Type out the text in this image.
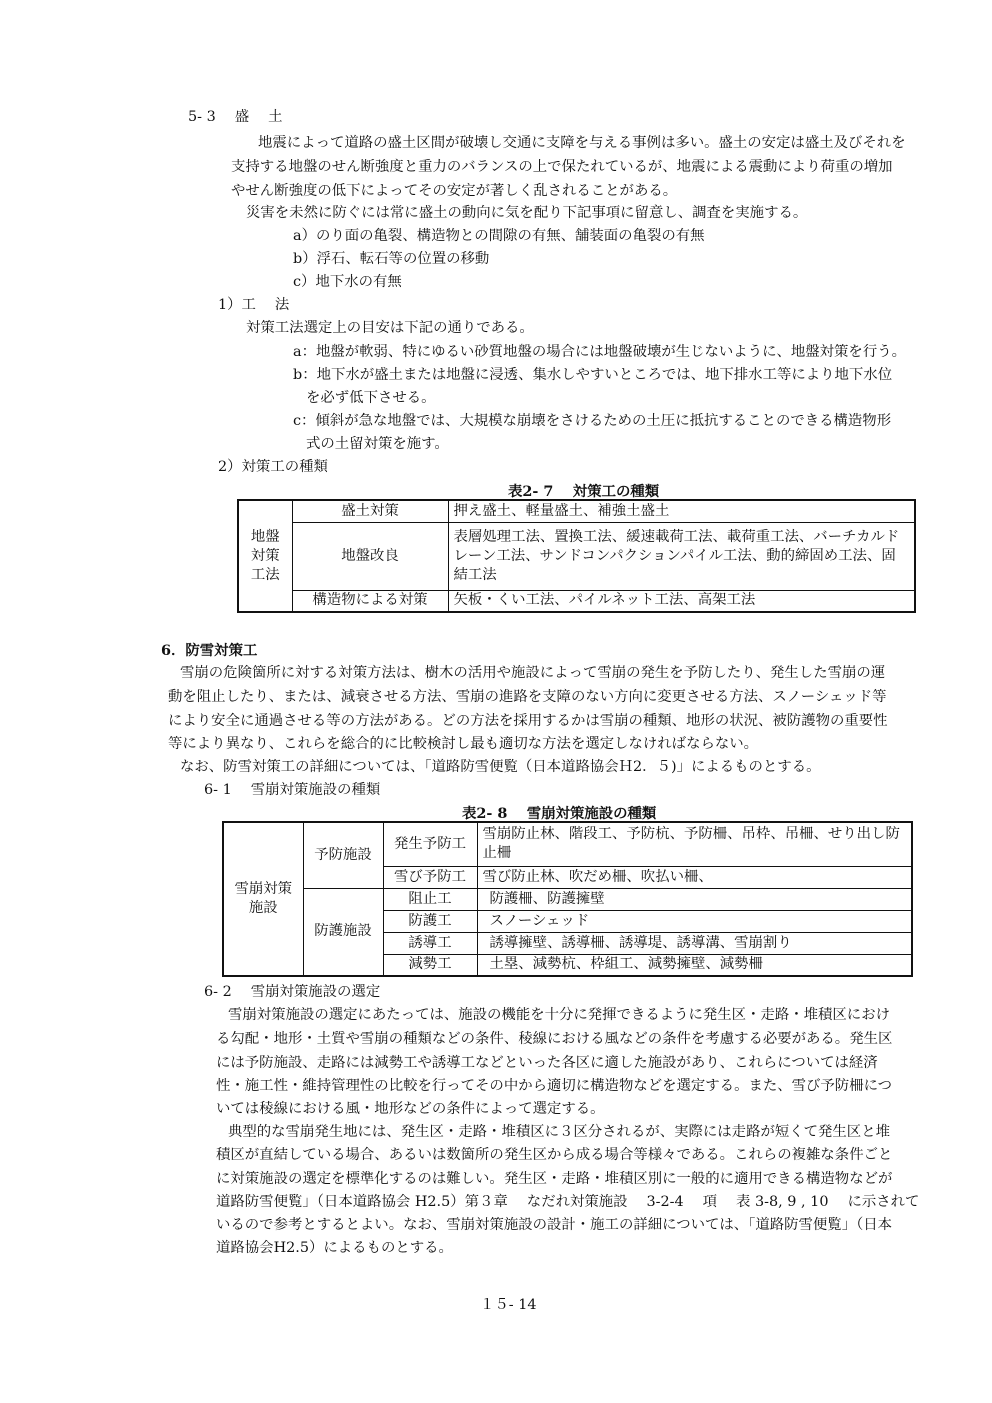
5- 3　 盛　 土
地震によって道路の盛土区間が破壊し交通に支障を与える事例は多い。盛土の安定は盛土及びそれを
支持する地盤のせん断強度と重力のバランスの上で保たれているが、地震による震動により荷重の増加
やせん断強度の低下によってその安定が著しく乱されることがある。
災害を未然に防ぐには常に盛土の動向に気を配り下記事項に留意し、調査を実施する。
a）のり面の亀裂、構造物との間隙の有無、舗装面の亀裂の有無
b）浮石、転石等の位置の移動
c）地下水の有無
1）工　 法
対策工法選定上の目安は下記の通りである。
a：地盤が軟弱、特にゆるい砂質地盤の場合には地盤破壊が生じないように、地盤対策を行う。
b：地下水が盛土または地盤に浸透、集水しやすいところでは、地下排水工等により地下水位
を必ず低下させる。
c：傾斜が急な地盤では、大規模な崩壊をさけるための土圧に抵抗することのできる構造物形
式の土留対策を施す。
2）対策工の種類
表2- 7　 対策工の種類
地盤
対策
工法	盛土対策	押え盛土、軽量盛土、補強土盛土
	地盤改良	表層処理工法、置換工法、緩速載荷工法、載荷重工法、バーチカルドレーン工法、サンドコンパクションパイル工法、動的締固め工法、固結工法
	構造物による対策	矢板・くい工法、パイルネット工法、高架工法
6．防雪対策工
雪崩の危険箇所に対する対策方法は、樹木の活用や施設によって雪崩の発生を予防したり、発生した雪崩の運
動を阻止したり、または、減衰させる方法、雪崩の進路を支障のない方向に変更させる方法、スノーシェッド等
により安全に通過させる等の方法がある。どの方法を採用するかは雪崩の種類、地形の状況、被防護物の重要性
等により異なり、これらを総合的に比較検討し最も適切な方法を選定しなければならない。
なお、防雪対策工の詳細については、「道路防雪便覧（日本道路協会Ｈ2．５)」によるものとする。
6- 1　 雪崩対策施設の種類
表2- 8　 雪崩対策施設の種類
雪崩対策
施設	予防施設	発生予防工	雪崩防止林、階段工、予防杭、予防柵、吊枠、吊柵、せり出し防止柵
		雪び予防工	雪び防止林、吹だめ柵、吹払い柵、
	防護施設	阻止工	防護柵、防護擁壁
		防護工	スノーシェッド
		誘導工	誘導擁壁、誘導柵、誘導堤、誘導溝、雪崩割り
		減勢工	土塁、減勢杭、枠組工、減勢擁壁、減勢柵
6- 2　 雪崩対策施設の選定
雪崩対策施設の選定にあたっては、施設の機能を十分に発揮できるように発生区・走路・堆積区におけ
る勾配・地形・土質や雪崩の種類などの条件、稜線における風などの条件を考慮する必要がある。発生区
には予防施設、走路には減勢工や誘導工などといった各区に適した施設があり、これらについては経済
性・施工性・維持管理性の比較を行ってその中から適切に構造物などを選定する。また、雪び予防柵につ
いては稜線における風・地形などの条件によって選定する。
典型的な雪崩発生地には、発生区・走路・堆積区に３区分されるが、実際には走路が短くて発生区と堆
積区が直結している場合、あるいは数箇所の発生区から成る場合等様々である。これらの複雑な条件ごと
に対策施設の選定を標準化するのは難しい。発生区・走路・堆積区別に一般的に適用できる構造物などが
道路防雪便覧」（日本道路協会 H2.5）第３章　 なだれ対策施設　 3-2-4　 項　 表 3-8, 9 , 10　 に示されて
いるので参考とするとよい。なお、雪崩対策施設の設計・施工の詳細については、「道路防雪便覧」（日本
道路協会H2.5）によるものとする。
１５- 14
